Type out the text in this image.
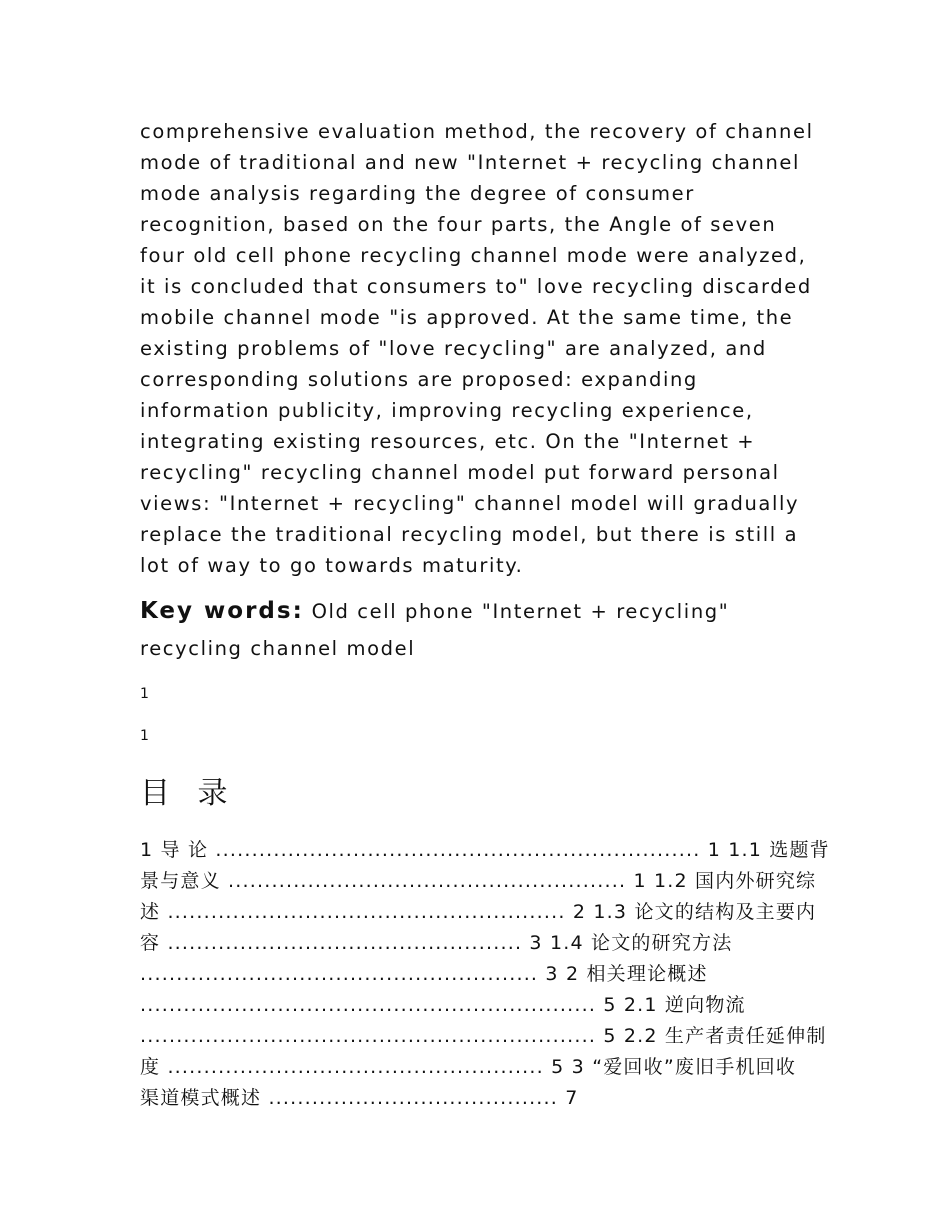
comprehensive evaluation method, the recovery of channel
mode of traditional and new "Internet + recycling channel
mode analysis regarding the degree of consumer
recognition, based on the four parts, the Angle of seven
four old cell phone recycling channel mode were analyzed,
it is concluded that consumers to" love recycling discarded
mobile channel mode "is approved. At the same time, the
existing problems of "love recycling" are analyzed, and
corresponding solutions are proposed: expanding
information publicity, improving recycling experience,
integrating existing resources, etc. On the "Internet +
recycling" recycling channel model put forward personal
views: "Internet + recycling" channel model will gradually
replace the traditional recycling model, but there is still a
lot of way to go towards maturity.
Key words: Old cell phone "Internet + recycling"
recycling channel model
1
1
目 录
1 导 论 ................................................................... 1 1.1 选题背
景与意义 ....................................................... 1 1.2 国内外研究综
述 ....................................................... 2 1.3 论文的结构及主要内
容 ................................................. 3 1.4 论文的研究方法
....................................................... 3 2 相关理论概述
............................................................... 5 2.1 逆向物流
............................................................... 5 2.2 生产者责任延伸制
度 .................................................... 5 3 “爱回收”废旧手机回收
渠道模式概述 ........................................ 7
